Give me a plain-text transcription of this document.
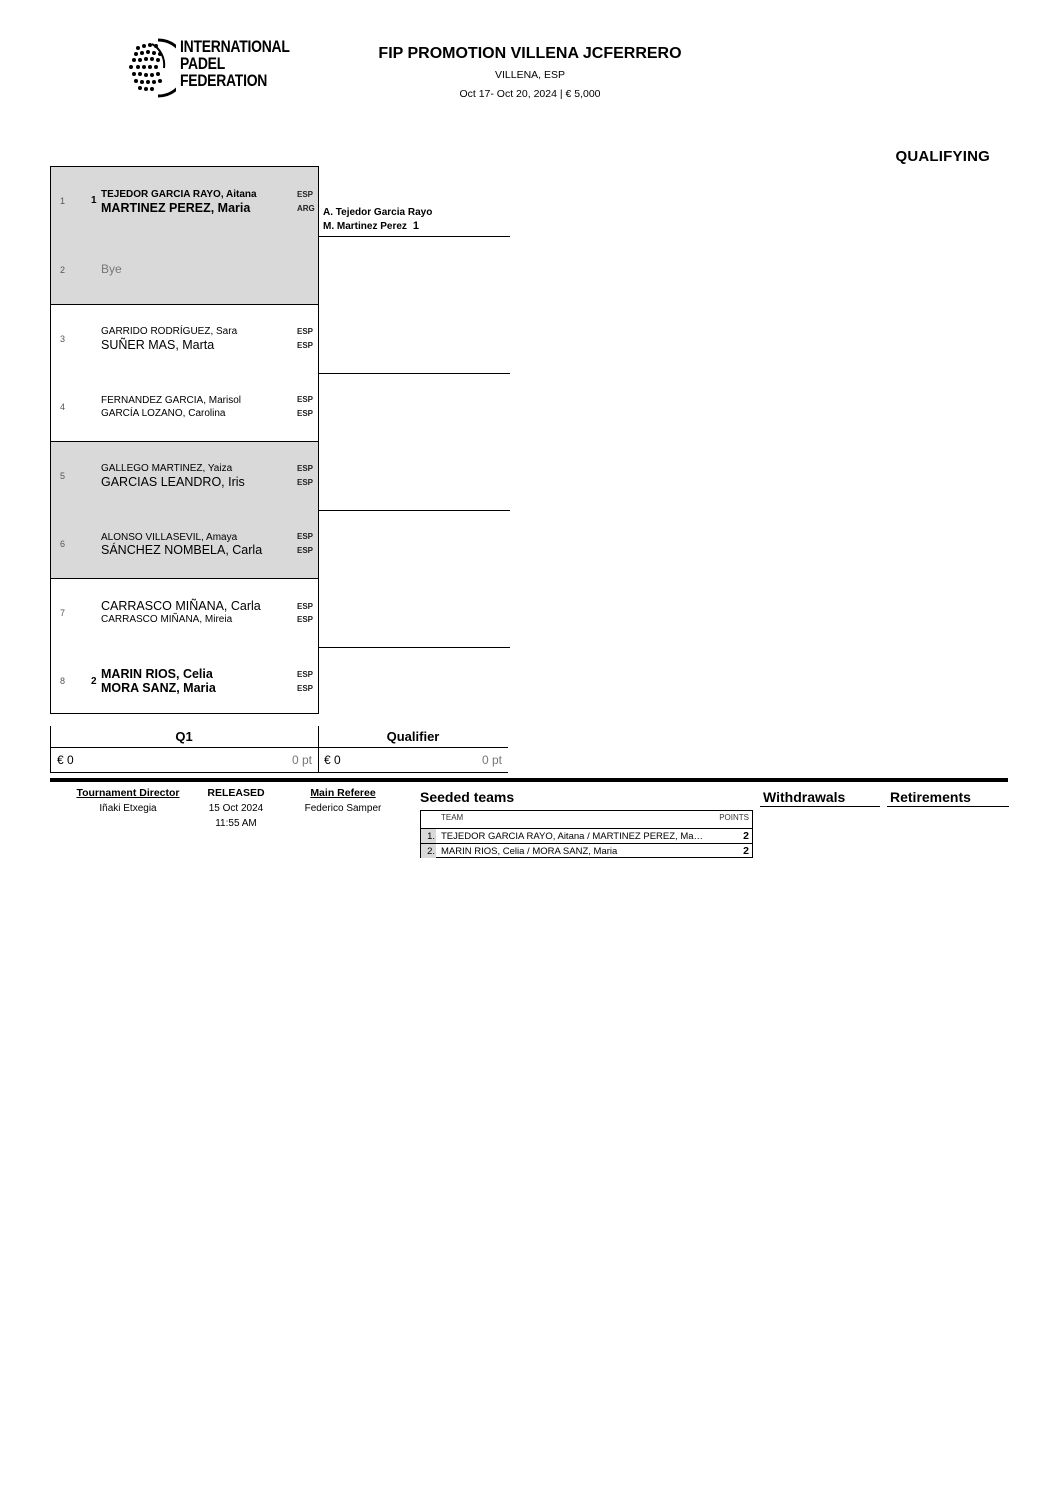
INTERNATIONAL
PADEL
FEDERATION
FIP PROMOTION VILLENA JCFERRERO
VILLENA, ESP
Oct 17- Oct 20, 2024 | € 5,000
QUALIFYING
1	1
TEJEDOR GARCIA RAYO, Aitana	ESP
MARTINEZ PEREZ, Maria	ARG
2	Bye
3
GARRIDO RODRÍGUEZ, Sara	ESP
SUÑER MAS, Marta	ESP
4
FERNANDEZ GARCIA, Marisol	ESP
GARCÍA LOZANO, Carolina	ESP
5
GALLEGO MARTINEZ, Yaiza	ESP
GARCIAS LEANDRO, Iris	ESP
6
ALONSO VILLASEVIL, Amaya	ESP
SÁNCHEZ NOMBELA, Carla	ESP
7	CARRASCO MIÑANA, Carla	ESP
CARRASCO MIÑANA, Mireia	ESP
8	2
MARIN RIOS, Celia	ESP
MORA SANZ, Maria	ESP
A. Tejedor Garcia Rayo
M. Martinez Perez 1
Q1	Qualifier
€ 0	0 pt € 0	0 pt
Tournament Director
Iñaki Etxegia
RELEASED
15 Oct 2024
11:55 AM
Main Referee
Federico Samper
Seeded teams
TEAM	POINTS
1. TEJEDOR GARCIA RAYO, Aitana / MARTINEZ PEREZ, Ma…	2
2. MARIN RIOS, Celia / MORA SANZ, Maria	2
Withdrawals	Retirements
